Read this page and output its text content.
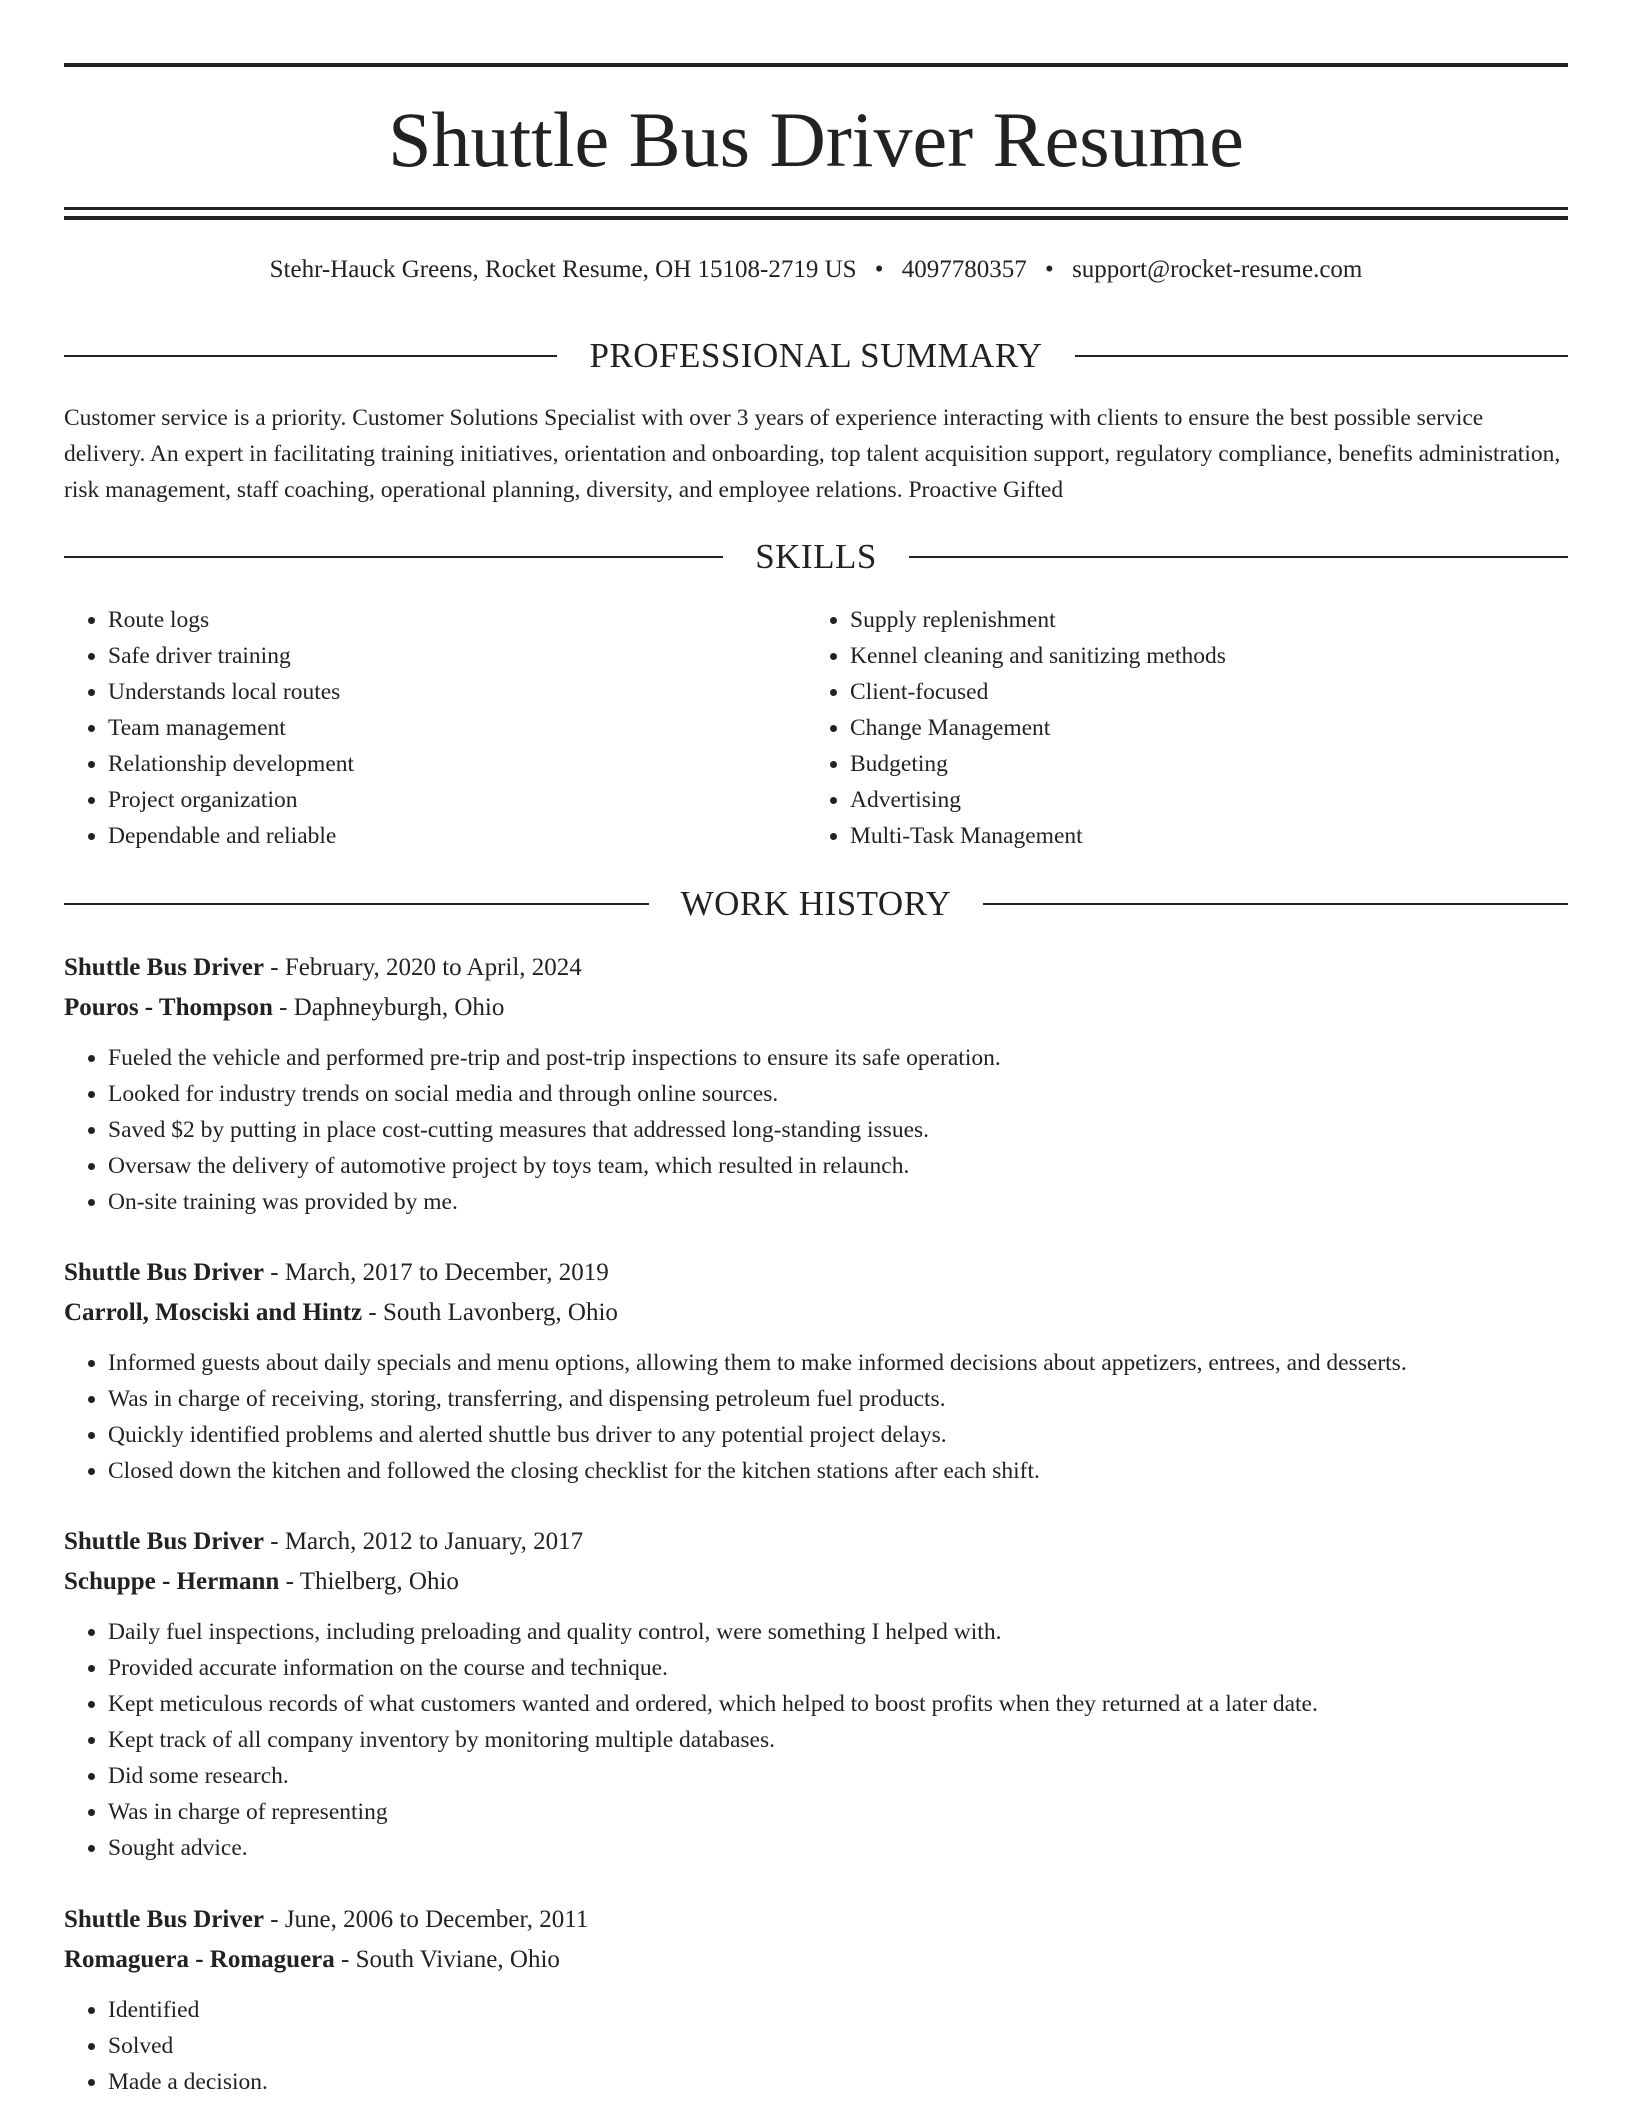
Shuttle Bus Driver Resume
Stehr-Hauck Greens, Rocket Resume, OH 15108-2719 US • 4097780357 • support@rocket-resume.com
PROFESSIONAL SUMMARY

Customer service is a priority. Customer Solutions Specialist with over 3 years of experience interacting with clients to ensure the best possible service delivery. An expert in facilitating training initiatives, orientation and onboarding, top talent acquisition support, regulatory compliance, benefits administration, risk management, staff coaching, operational planning, diversity, and employee relations. Proactive Gifted

SKILLS
• Route logs
• Safe driver training
• Understands local routes
• Team management
• Relationship development
• Project organization
• Dependable and reliable
• Supply replenishment
• Kennel cleaning and sanitizing methods
• Client-focused
• Change Management
• Budgeting
• Advertising
• Multi-Task Management
WORK HISTORY
Shuttle Bus Driver - February, 2020 to April, 2024
Pouros - Thompson - Daphneyburgh, Ohio
• Fueled the vehicle and performed pre-trip and post-trip inspections to ensure its safe operation.
• Looked for industry trends on social media and through online sources.
• Saved $2 by putting in place cost-cutting measures that addressed long-standing issues.
• Oversaw the delivery of automotive project by toys team, which resulted in relaunch.
• On-site training was provided by me.
Shuttle Bus Driver - March, 2017 to December, 2019
Carroll, Mosciski and Hintz - South Lavonberg, Ohio
• Informed guests about daily specials and menu options, allowing them to make informed decisions about appetizers, entrees, and desserts.
• Was in charge of receiving, storing, transferring, and dispensing petroleum fuel products.
• Quickly identified problems and alerted shuttle bus driver to any potential project delays.
• Closed down the kitchen and followed the closing checklist for the kitchen stations after each shift.
Shuttle Bus Driver - March, 2012 to January, 2017
Schuppe - Hermann - Thielberg, Ohio
• Daily fuel inspections, including preloading and quality control, were something I helped with.
• Provided accurate information on the course and technique.
• Kept meticulous records of what customers wanted and ordered, which helped to boost profits when they returned at a later date.
• Kept track of all company inventory by monitoring multiple databases.
• Did some research.
• Was in charge of representing
• Sought advice.
Shuttle Bus Driver - June, 2006 to December, 2011
Romaguera - Romaguera - South Viviane, Ohio
• Identified
• Solved
• Made a decision.
